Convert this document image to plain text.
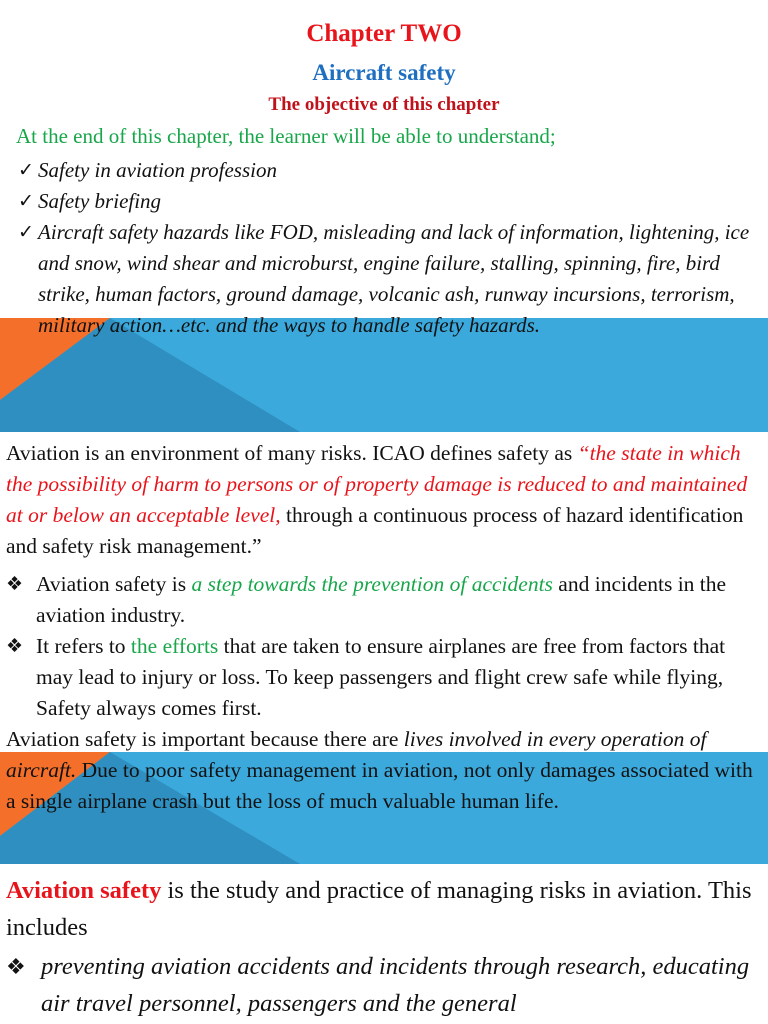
Chapter TWO
Aircraft safety
The objective of this chapter
At the end of this chapter, the learner will be able to understand;
✓ Safety in aviation profession
✓ Safety briefing
✓ Aircraft safety hazards like FOD, misleading and lack of information, lightening, ice and snow, wind shear and microburst, engine failure, stalling, spinning, fire, bird strike, human factors, ground damage, volcanic ash, runway incursions, terrorism, military action…etc. and the ways to handle safety hazards.
Aviation is an environment of many risks. ICAO defines safety as “the state in which the possibility of harm to persons or of property damage is reduced to and maintained at or below an acceptable level, through a continuous process of hazard identification and safety risk management.”
❖ Aviation safety is a step towards the prevention of accidents and incidents in the aviation industry.
❖ It refers to the efforts that are taken to ensure airplanes are free from factors that may lead to injury or loss. To keep passengers and flight crew safe while flying, Safety always comes first.
Aviation safety is important because there are lives involved in every operation of aircraft. Due to poor safety management in aviation, not only damages associated with a single airplane crash but the loss of much valuable human life.
Aviation safety is the study and practice of managing risks in aviation. This includes
❖ preventing aviation accidents and incidents through research, educating air travel personnel, passengers and the general
